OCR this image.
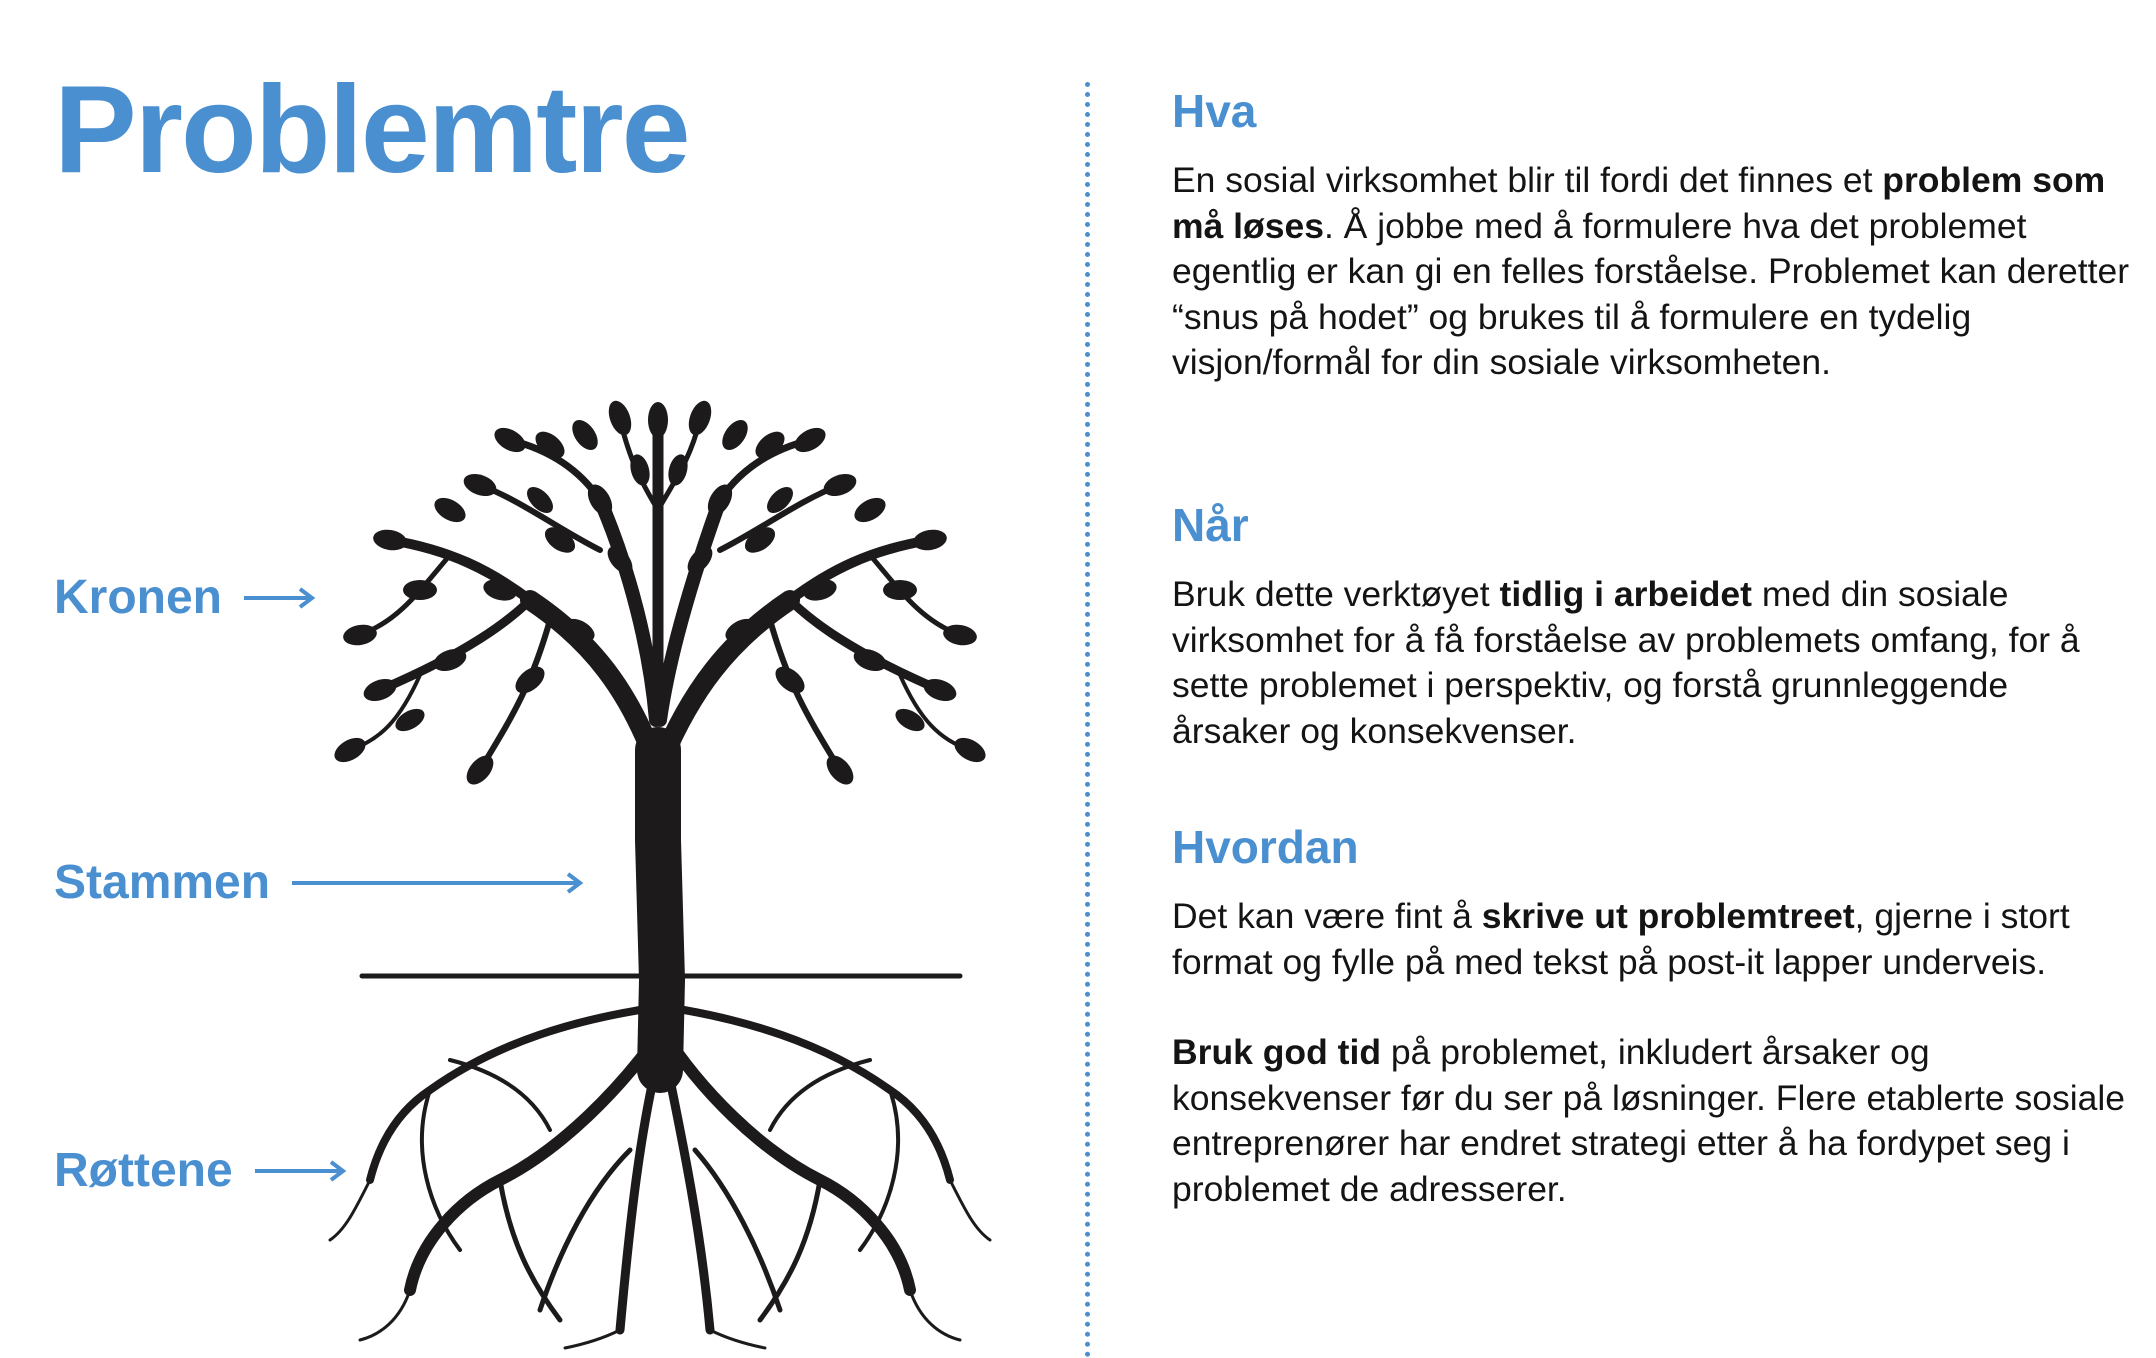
Problemtre
Kronen
Stammen
Røttene
Hva

En sosial virksomhet blir til fordi det finnes et problem som må løses. Å jobbe med å formulere hva det problemet egentlig er kan gi en felles forståelse. Problemet kan deretter “snus på hodet” og brukes til å formulere en tydelig visjon/formål for din sosiale virksomheten.

Når

Bruk dette verktøyet tidlig i arbeidet med din sosiale virksomhet for å få forståelse av problemets omfang, for å sette problemet i perspektiv, og forstå grunnleggende årsaker og konsekvenser.

Hvordan

Det kan være fint å skrive ut problemtreet, gjerne i stort format og fylle på med tekst på post-it lapper underveis.

Bruk god tid på problemet, inkludert årsaker og konsekvenser før du ser på løsninger. Flere etablerte sosiale entreprenører har endret strategi etter å ha fordypet seg i problemet de adresserer.
